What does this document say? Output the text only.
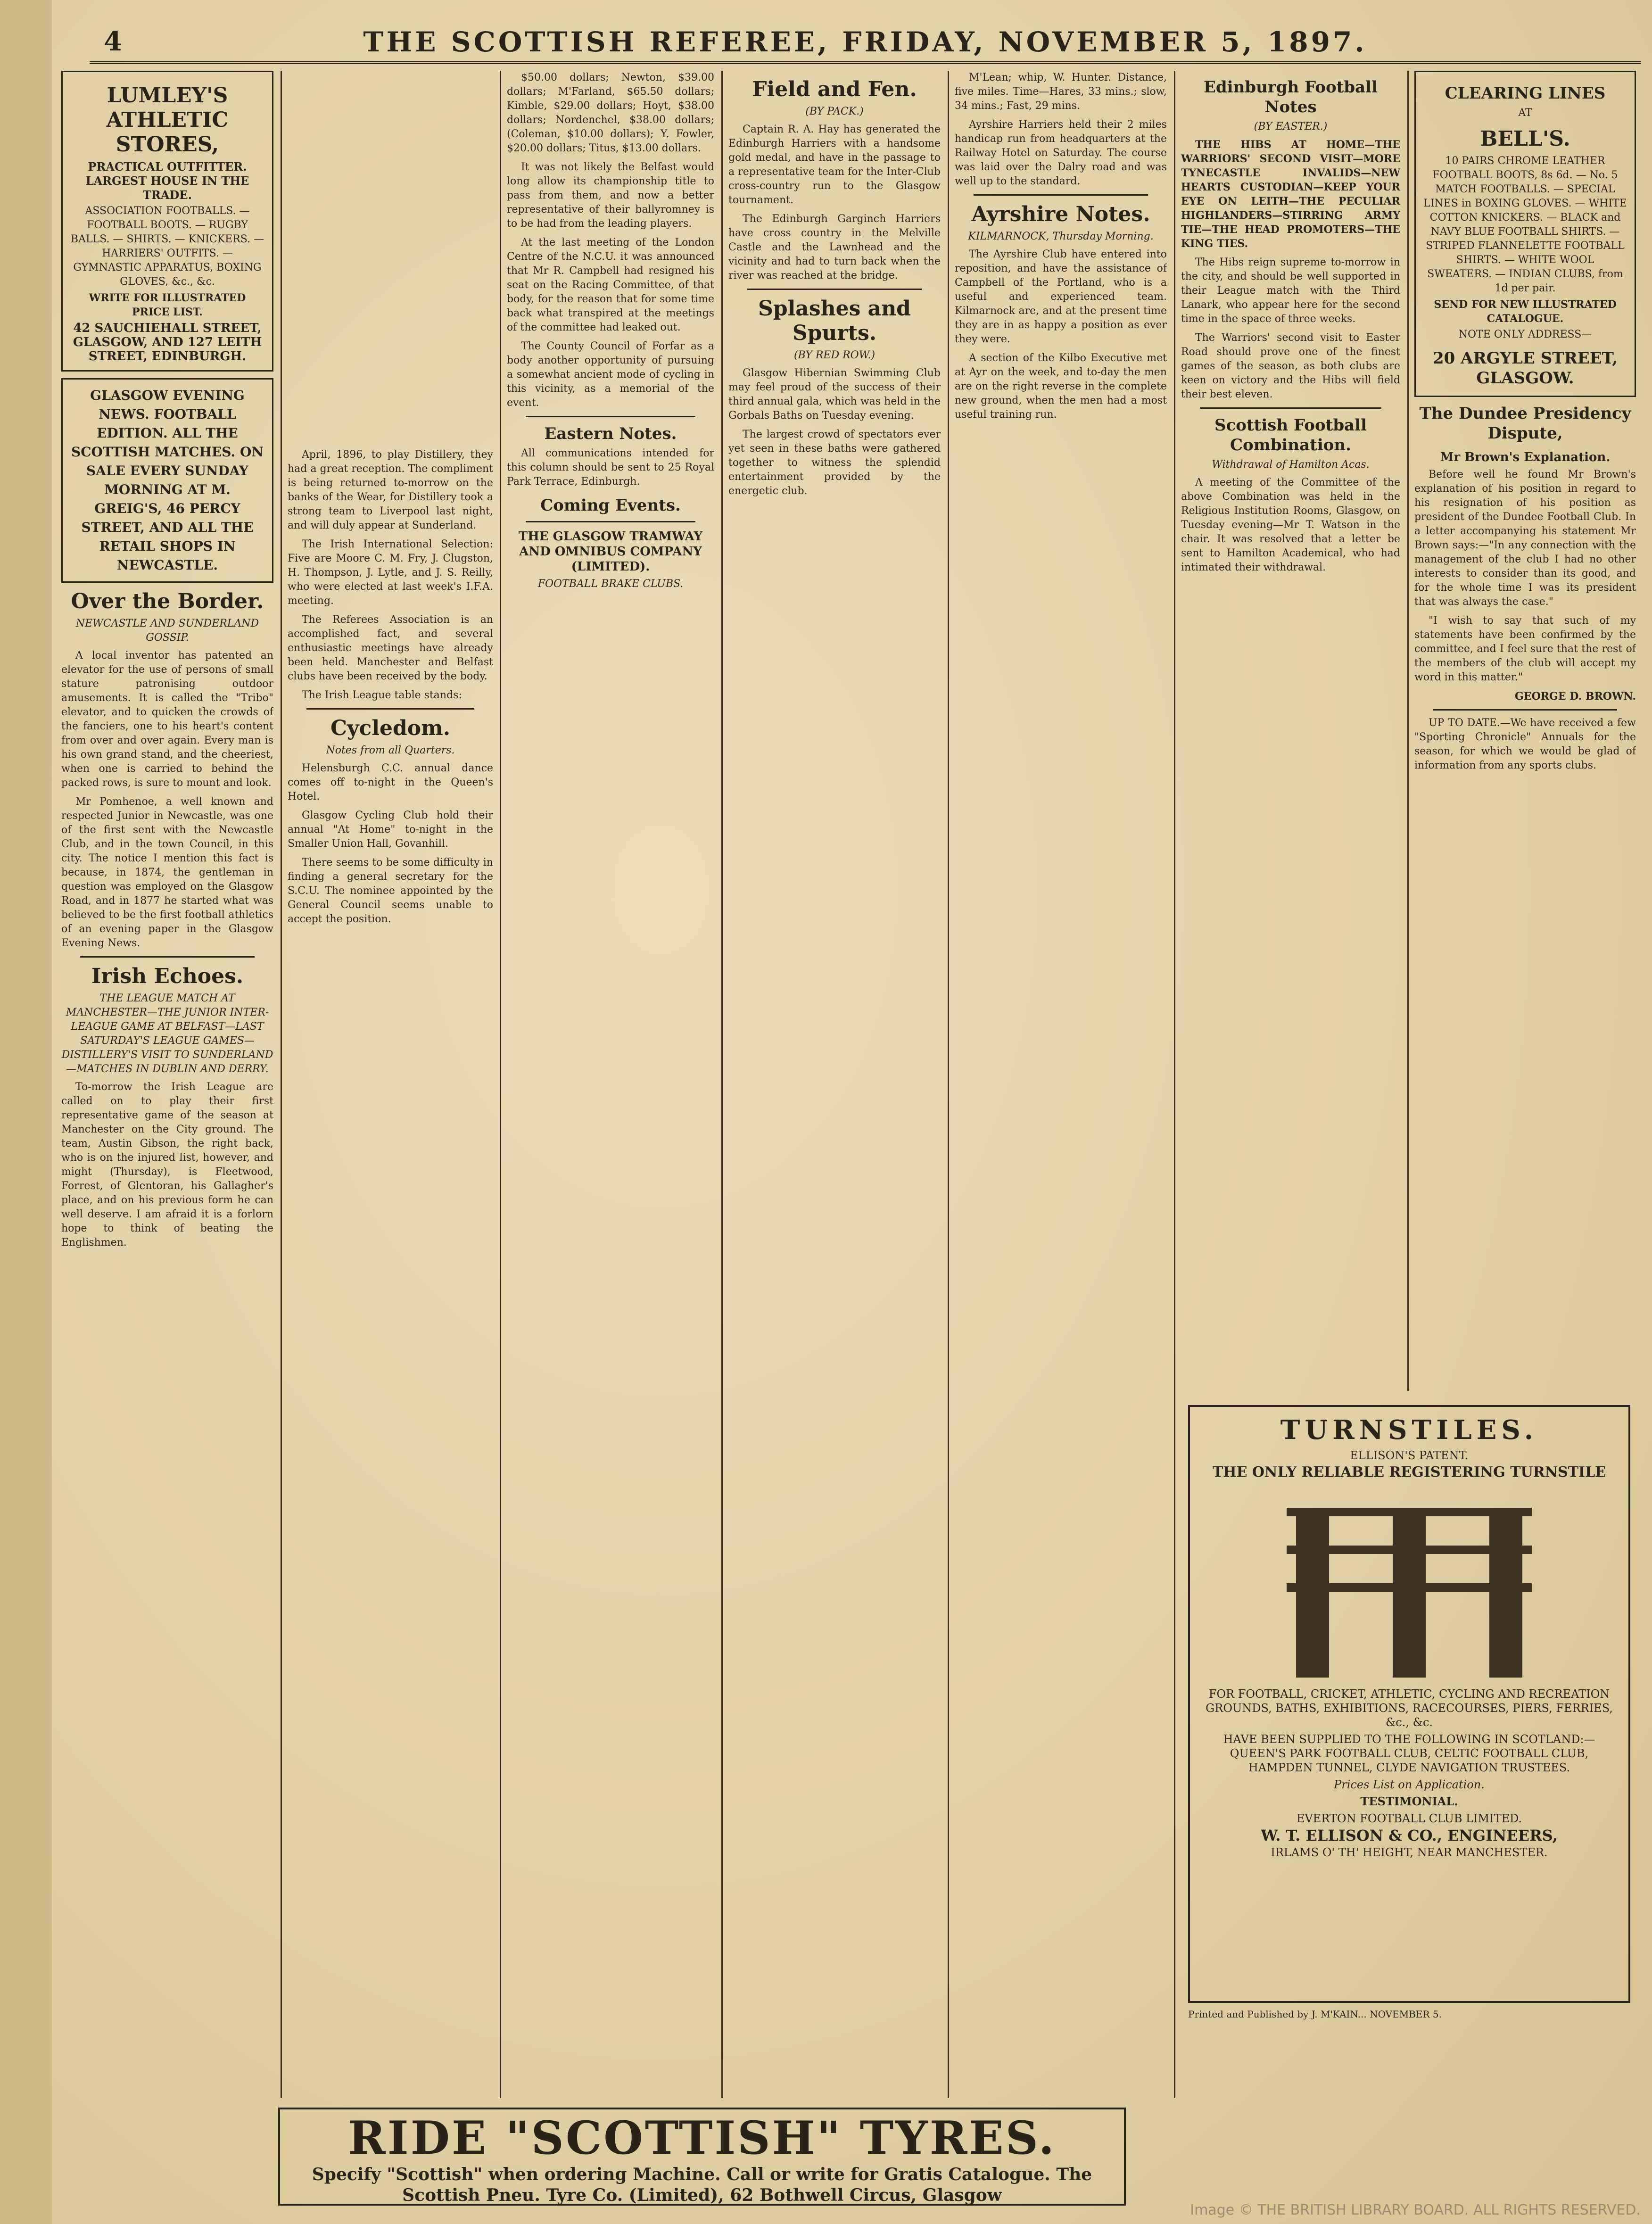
4	THE SCOTTISH REFEREE, FRIDAY, NOVEMBER 5, 1897.
LUMLEY'S ATHLETIC STORES,

PRACTICAL OUTFITTER. LARGEST HOUSE IN THE TRADE.

ASSOCIATION FOOTBALLS. — FOOTBALL BOOTS. — RUGBY BALLS. — SHIRTS. — KNICKERS. — HARRIERS' OUTFITS. — GYMNASTIC APPARATUS, BOXING GLOVES, &c., &c.

WRITE FOR ILLUSTRATED PRICE LIST.

42 SAUCHIEHALL STREET, GLASGOW, AND 127 LEITH STREET, EDINBURGH.

GLASGOW EVENING NEWS. FOOTBALL EDITION. ALL THE SCOTTISH MATCHES. ON SALE EVERY SUNDAY MORNING AT M. GREIG'S, 46 PERCY STREET, AND ALL THE RETAIL SHOPS IN NEWCASTLE.

Over the Border.
NEWCASTLE AND SUNDERLAND GOSSIP.

A local inventor has patented an elevator for the use of persons of small stature patronising outdoor amusements. It is called the "Tribo" elevator, and to quicken the crowds of the fanciers, one to his heart's content from over and over again. Every man is his own grand stand, and the cheeriest, when one is carried to behind the packed rows, is sure to mount and look.

Mr Pomhenoe, a well known and respected Junior in Newcastle, was one of the first sent with the Newcastle Club, and in the town Council, in this city. The notice I mention this fact is because, in 1874, the gentleman in question was employed on the Glasgow Road, and in 1877 he started what was believed to be the first football athletics of an evening paper in the Glasgow Evening News.

Irish Echoes.
THE LEAGUE MATCH AT MANCHESTER—THE JUNIOR INTER-LEAGUE GAME AT BELFAST—LAST SATURDAY'S LEAGUE GAMES—DISTILLERY'S VISIT TO SUNDERLAND—MATCHES IN DUBLIN AND DERRY.

To-morrow the Irish League are called on to play their first representative game of the season at Manchester on the City ground. The team, Austin Gibson, the right back, who is on the injured list, however, and might (Thursday), is Fleetwood, Forrest, of Glentoran, his Gallagher's place, and on his previous form he can well deserve. I am afraid it is a forlorn hope to think of beating the Englishmen.

April, 1896, to play Distillery, they had a great reception. The compliment is being returned to-morrow on the banks of the Wear, for Distillery took a strong team to Liverpool last night, and will duly appear at Sunderland.

The Irish International Selection: Five are Moore C. M. Fry, J. Clugston, H. Thompson, J. Lytle, and J. S. Reilly, who were elected at last week's I.F.A. meeting.

The Referees Association is an accomplished fact, and several enthusiastic meetings have already been held. Manchester and Belfast clubs have been received by the body.

The Irish League table stands:

Cycledom.
Notes from all Quarters.

Helensburgh C.C. annual dance comes off to-night in the Queen's Hotel.

Glasgow Cycling Club hold their annual "At Home" to-night in the Smaller Union Hall, Govanhill.

There seems to be some difficulty in finding a general secretary for the S.C.U. The nominee appointed by the General Council seems unable to accept the position.

$50.00 dollars; Newton, $39.00 dollars; M'Farland, $65.50 dollars; Kimble, $29.00 dollars; Hoyt, $38.00 dollars; Nordenchel, $38.00 dollars; (Coleman, $10.00 dollars); Y. Fowler, $20.00 dollars; Titus, $13.00 dollars.

It was not likely the Belfast would long allow its championship title to pass from them, and now a better representative of their ballyromney is to be had from the leading players.

At the last meeting of the London Centre of the N.C.U. it was announced that Mr R. Campbell had resigned his seat on the Racing Committee, of that body, for the reason that for some time back what transpired at the meetings of the committee had leaked out.

The County Council of Forfar as a body another opportunity of pursuing a somewhat ancient mode of cycling in this vicinity, as a memorial of the event.

Eastern Notes.

All communications intended for this column should be sent to 25 Royal Park Terrace, Edinburgh.

Coming Events.
THE GLASGOW TRAMWAY AND OMNIBUS COMPANY (LIMITED).
FOOTBALL BRAKE CLUBS.
Field and Fen.
(BY PACK.)

Captain R. A. Hay has generated the Edinburgh Harriers with a handsome gold medal, and have in the passage to a representative team for the Inter-Club cross-country run to the Glasgow tournament.

The Edinburgh Garginch Harriers have cross country in the Melville Castle and the Lawnhead and the vicinity and had to turn back when the river was reached at the bridge.

Splashes and Spurts.
(BY RED ROW.)

Glasgow Hibernian Swimming Club may feel proud of the success of their third annual gala, which was held in the Gorbals Baths on Tuesday evening.

The largest crowd of spectators ever yet seen in these baths were gathered together to witness the splendid entertainment provided by the energetic club.

M'Lean; whip, W. Hunter. Distance, five miles. Time—Hares, 33 mins.; slow, 34 mins.; Fast, 29 mins.

Ayrshire Harriers held their 2 miles handicap run from headquarters at the Railway Hotel on Saturday. The course was laid over the Dalry road and was well up to the standard.

Ayrshire Notes.
KILMARNOCK, Thursday Morning.

The Ayrshire Club have entered into reposition, and have the assistance of Campbell of the Portland, who is a useful and experienced team. Kilmarnock are, and at the present time they are in as happy a position as ever they were.

A section of the Kilbo Executive met at Ayr on the week, and to-day the men are on the right reverse in the complete new ground, when the men had a most useful training run.

Edinburgh Football Notes
(BY EASTER.)

THE HIBS AT HOME—THE WARRIORS' SECOND VISIT—MORE TYNECASTLE INVALIDS—NEW HEARTS CUSTODIAN—KEEP YOUR EYE ON LEITH—THE PECULIAR HIGHLANDERS—STIRRING ARMY TIE—THE HEAD PROMOTERS—THE KING TIES.

The Hibs reign supreme to-morrow in the city, and should be well supported in their League match with the Third Lanark, who appear here for the second time in the space of three weeks.

The Warriors' second visit to Easter Road should prove one of the finest games of the season, as both clubs are keen on victory and the Hibs will field their best eleven.

Scottish Football Combination.
Withdrawal of Hamilton Acas.

A meeting of the Committee of the above Combination was held in the Religious Institution Rooms, Glasgow, on Tuesday evening—Mr T. Watson in the chair. It was resolved that a letter be sent to Hamilton Academical, who had intimated their withdrawal.

CLEARING LINES

AT

BELL'S.

10 PAIRS CHROME LEATHER FOOTBALL BOOTS, 8s 6d. — No. 5 MATCH FOOTBALLS. — SPECIAL LINES in BOXING GLOVES. — WHITE COTTON KNICKERS. — BLACK and NAVY BLUE FOOTBALL SHIRTS. — STRIPED FLANNELETTE FOOTBALL SHIRTS. — WHITE WOOL SWEATERS. — INDIAN CLUBS, from 1d per pair.

SEND FOR NEW ILLUSTRATED CATALOGUE.

NOTE ONLY ADDRESS—

20 ARGYLE STREET, GLASGOW.
The Dundee Presidency Dispute,
Mr Brown's Explanation.

Before well he found Mr Brown's explanation of his position in regard to his resignation of his position as president of the Dundee Football Club. In a letter accompanying his statement Mr Brown says:—"In any connection with the management of the club I had no other interests to consider than its good, and for the whole time I was its president that was always the case."

"I wish to say that such of my statements have been confirmed by the committee, and I feel sure that the rest of the members of the club will accept my word in this matter."

GEORGE D. BROWN.

UP TO DATE.—We have received a few "Sporting Chronicle" Annuals for the season, for which we would be glad of information from any sports clubs.

TURNSTILES.

ELLISON'S PATENT.

THE ONLY RELIABLE REGISTERING TURNSTILE

FOR FOOTBALL, CRICKET, ATHLETIC, CYCLING AND RECREATION GROUNDS, BATHS, EXHIBITIONS, RACECOURSES, PIERS, FERRIES, &c., &c.

HAVE BEEN SUPPLIED TO THE FOLLOWING IN SCOTLAND:— QUEEN'S PARK FOOTBALL CLUB, CELTIC FOOTBALL CLUB, HAMPDEN TUNNEL, CLYDE NAVIGATION TRUSTEES.

Prices List on Application.

TESTIMONIAL.

EVERTON FOOTBALL CLUB LIMITED.

W. T. ELLISON & CO., ENGINEERS,

IRLAMS O' TH' HEIGHT, NEAR MANCHESTER.

Printed and Published by J. M'KAIN... NOVEMBER 5.
RIDE "SCOTTISH" TYRES.
Specify "Scottish" when ordering Machine. Call or write for Gratis Catalogue. The Scottish Pneu. Tyre Co. (Limited), 62 Bothwell Circus, Glasgow
Image © THE BRITISH LIBRARY BOARD. ALL RIGHTS RESERVED.
